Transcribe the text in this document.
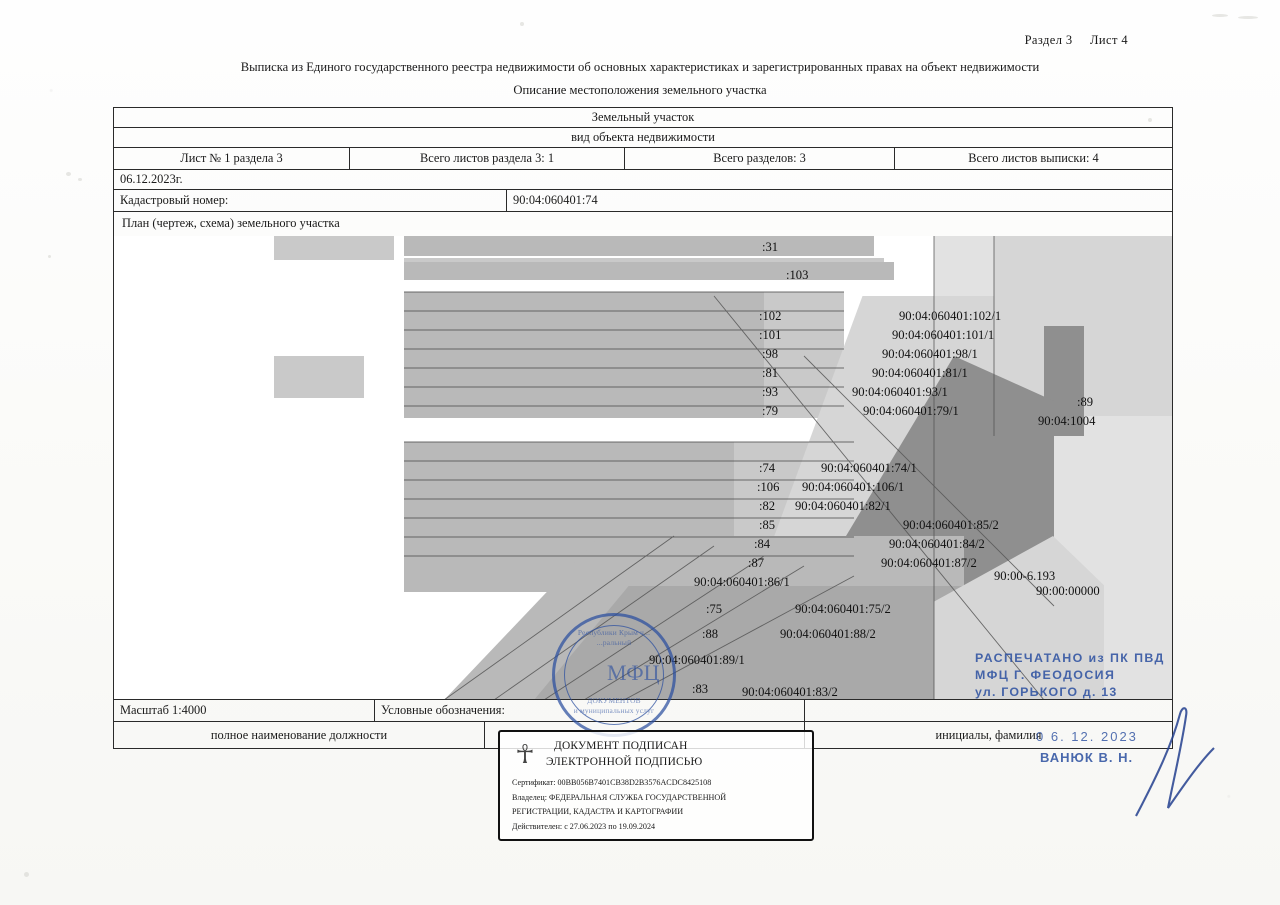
Раздел 3 Лист 4
Выписка из Единого государственного реестра недвижимости об основных характеристиках и зарегистрированных правах на объект недвижимости
Описание местоположения земельного участка
Земельный участок
вид объекта недвижимости
Лист № 1 раздела 3	Всего листов раздела 3: 1	Всего разделов: 3	Всего листов выписки: 4
06.12.2023г.
Кадастровый номер:	90:04:060401:74
План (чертеж, схема) земельного участка
:31
:103
:102	90:04:060401:102/1
:101	90:04:060401:101/1
:98	90:04:060401:98/1
:81	90:04:060401:81/1
:93	90:04:060401:93/1
:79	90:04:060401:79/1
:89
90:04:1004
:74	90:04:060401:74/1
:106 90:04:060401:106/1
:82 90:04:060401:82/1
:85	90:04:060401:85/2
:84	90:04:060401:84/2
:87	90:04:060401:87/2
90:04:060401:86/1	90:00-6.193
90:00:00000
:75	90:04:060401:75/2
:88	90:04:060401:88/2
90:04:060401:89/1
:83	90:04:060401:83/2
Масштаб 1:4000	Условные обозначения:
полное наименование должности	инициалы, фамилия
Республики Крым ч...
...ральный
МФЦ
ДОКУМЕНТОВ
и муниципальных услуг
☥	ДОКУМЕНТ ПОДПИСАН
ЭЛЕКТРОННОЙ ПОДПИСЬЮ
Сертификат: 00BB056B7401CB38D2B3576ACDC8425108
Владелец: ФЕДЕРАЛЬНАЯ СЛУЖБА ГОСУДАРСТВЕННОЙ
РЕГИСТРАЦИИ, КАДАСТРА И КАРТОГРАФИИ
Действителен: с 27.06.2023 по 19.09.2024
РАСПЕЧАТАНО из ПК ПВД
МФЦ Г. ФЕОДОСИЯ
ул. ГОРЬКОГО д. 13
0 6. 12. 2023
ВАНЮК В. Н.
